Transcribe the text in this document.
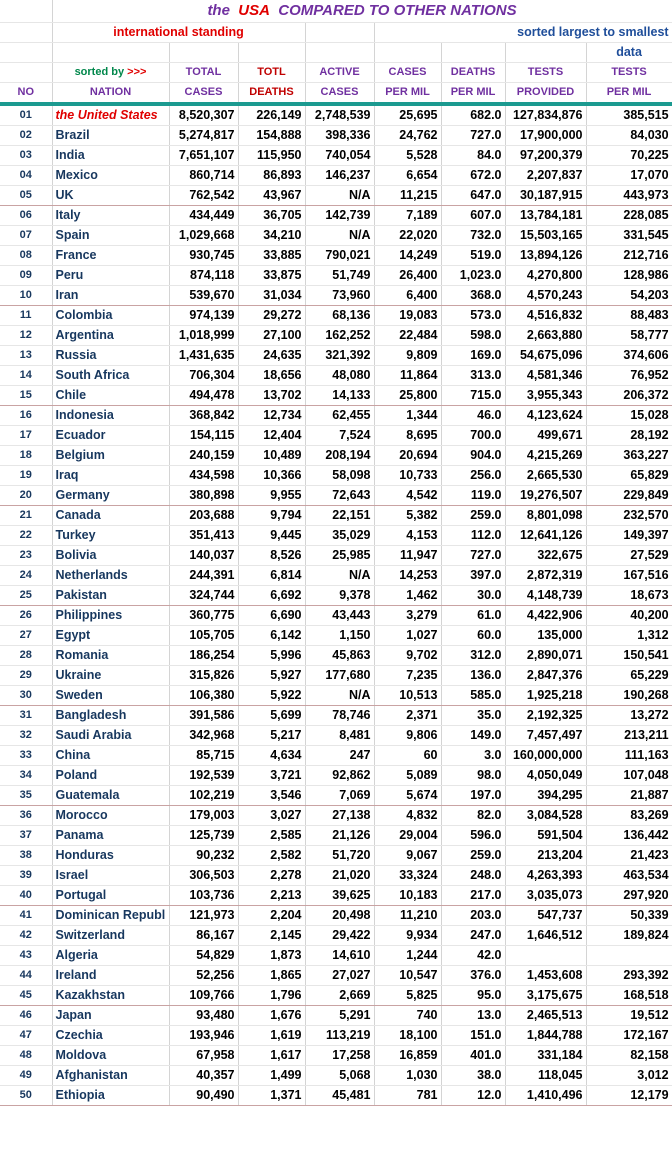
	the USA COMPARED TO OTHER NATIONS							
	international standing				sorted largest to smallest			
								data
	sorted by >>>	TOTAL	TOTL	ACTIVE	CASES	DEATHS	TESTS	TESTS
NO	NATION	CASES	DEATHS	CASES	PER MIL	PER MIL	PROVIDED	PER MIL
01	the United States	8,520,307	226,149	2,748,539	25,695	682.0	127,834,876	385,515
02	Brazil	5,274,817	154,888	398,336	24,762	727.0	17,900,000	84,030
03	India	7,651,107	115,950	740,054	5,528	84.0	97,200,379	70,225
04	Mexico	860,714	86,893	146,237	6,654	672.0	2,207,837	17,070
05	UK	762,542	43,967	N/A	11,215	647.0	30,187,915	443,973
06	Italy	434,449	36,705	142,739	7,189	607.0	13,784,181	228,085
07	Spain	1,029,668	34,210	N/A	22,020	732.0	15,503,165	331,545
08	France	930,745	33,885	790,021	14,249	519.0	13,894,126	212,716
09	Peru	874,118	33,875	51,749	26,400	1,023.0	4,270,800	128,986
10	Iran	539,670	31,034	73,960	6,400	368.0	4,570,243	54,203
11	Colombia	974,139	29,272	68,136	19,083	573.0	4,516,832	88,483
12	Argentina	1,018,999	27,100	162,252	22,484	598.0	2,663,880	58,777
13	Russia	1,431,635	24,635	321,392	9,809	169.0	54,675,096	374,606
14	South Africa	706,304	18,656	48,080	11,864	313.0	4,581,346	76,952
15	Chile	494,478	13,702	14,133	25,800	715.0	3,955,343	206,372
16	Indonesia	368,842	12,734	62,455	1,344	46.0	4,123,624	15,028
17	Ecuador	154,115	12,404	7,524	8,695	700.0	499,671	28,192
18	Belgium	240,159	10,489	208,194	20,694	904.0	4,215,269	363,227
19	Iraq	434,598	10,366	58,098	10,733	256.0	2,665,530	65,829
20	Germany	380,898	9,955	72,643	4,542	119.0	19,276,507	229,849
21	Canada	203,688	9,794	22,151	5,382	259.0	8,801,098	232,570
22	Turkey	351,413	9,445	35,029	4,153	112.0	12,641,126	149,397
23	Bolivia	140,037	8,526	25,985	11,947	727.0	322,675	27,529
24	Netherlands	244,391	6,814	N/A	14,253	397.0	2,872,319	167,516
25	Pakistan	324,744	6,692	9,378	1,462	30.0	4,148,739	18,673
26	Philippines	360,775	6,690	43,443	3,279	61.0	4,422,906	40,200
27	Egypt	105,705	6,142	1,150	1,027	60.0	135,000	1,312
28	Romania	186,254	5,996	45,863	9,702	312.0	2,890,071	150,541
29	Ukraine	315,826	5,927	177,680	7,235	136.0	2,847,376	65,229
30	Sweden	106,380	5,922	N/A	10,513	585.0	1,925,218	190,268
31	Bangladesh	391,586	5,699	78,746	2,371	35.0	2,192,325	13,272
32	Saudi Arabia	342,968	5,217	8,481	9,806	149.0	7,457,497	213,211
33	China	85,715	4,634	247	60	3.0	160,000,000	111,163
34	Poland	192,539	3,721	92,862	5,089	98.0	4,050,049	107,048
35	Guatemala	102,219	3,546	7,069	5,674	197.0	394,295	21,887
36	Morocco	179,003	3,027	27,138	4,832	82.0	3,084,528	83,269
37	Panama	125,739	2,585	21,126	29,004	596.0	591,504	136,442
38	Honduras	90,232	2,582	51,720	9,067	259.0	213,204	21,423
39	Israel	306,503	2,278	21,020	33,324	248.0	4,263,393	463,534
40	Portugal	103,736	2,213	39,625	10,183	217.0	3,035,073	297,920
41	Dominican Republ	121,973	2,204	20,498	11,210	203.0	547,737	50,339
42	Switzerland	86,167	2,145	29,422	9,934	247.0	1,646,512	189,824
43	Algeria	54,829	1,873	14,610	1,244	42.0		
44	Ireland	52,256	1,865	27,027	10,547	376.0	1,453,608	293,392
45	Kazakhstan	109,766	1,796	2,669	5,825	95.0	3,175,675	168,518
46	Japan	93,480	1,676	5,291	740	13.0	2,465,513	19,512
47	Czechia	193,946	1,619	113,219	18,100	151.0	1,844,788	172,167
48	Moldova	67,958	1,617	17,258	16,859	401.0	331,184	82,158
49	Afghanistan	40,357	1,499	5,068	1,030	38.0	118,045	3,012
50	Ethiopia	90,490	1,371	45,481	781	12.0	1,410,496	12,179
